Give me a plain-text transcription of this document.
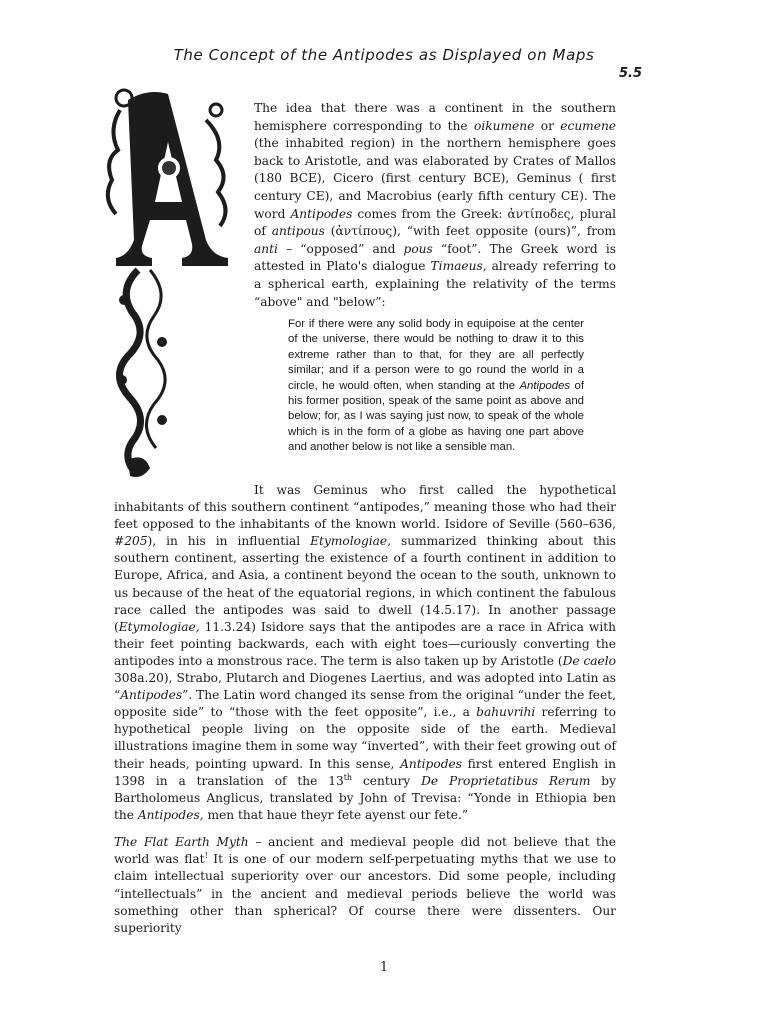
The Concept of the Antipodes as Displayed on Maps
5.5
The idea that there was a continent in the southern hemisphere corresponding to the oikumene or ecumene (the inhabited region) in the northern hemisphere goes back to Aristotle, and was elaborated by Crates of Mallos (180 BCE), Cicero (first century BCE), Geminus ( first century CE), and Macrobius (early fifth century CE). The word Antipodes comes from the Greek: ἀντίποδες, plural of antipous (ἀντίπους), “with feet opposite (ours)”, from anti – “opposed” and pous “foot”. The Greek word is attested in Plato's dialogue Timaeus, already referring to a spherical earth, explaining the relativity of the terms “above" and "below”:
For if there were any solid body in equipoise at the center of the universe, there would be nothing to draw it to this extreme rather than to that, for they are all perfectly similar; and if a person were to go round the world in a circle, he would often, when standing at the Antipodes of his former position, speak of the same point as above and below; for, as I was saying just now, to speak of the whole which is in the form of a globe as having one part above and another below is not like a sensible man.
It was Geminus who first called the hypothetical inhabitants of this southern continent “antipodes,” meaning those who had their feet opposed to the inhabitants of the known world. Isidore of Seville (560–636, #205), in his in influential Etymologiae, summarized thinking about this southern continent, asserting the existence of a fourth continent in addition to Europe, Africa, and Asia, a continent beyond the ocean to the south, unknown to us because of the heat of the equatorial regions, in which continent the fabulous race called the antipodes was said to dwell (14.5.17). In another passage (Etymologiae, 11.3.24) Isidore says that the antipodes are a race in Africa with their feet pointing backwards, each with eight toes—curiously converting the antipodes into a monstrous race. The term is also taken up by Aristotle (De caelo 308a.20), Strabo, Plutarch and Diogenes Laertius, and was adopted into Latin as “Antipodes”. The Latin word changed its sense from the original “under the feet, opposite side” to “those with the feet opposite”, i.e., a bahuvrihi referring to hypothetical people living on the opposite side of the earth. Medieval illustrations imagine them in some way “inverted”, with their feet growing out of their heads, pointing upward. In this sense, Antipodes first entered English in 1398 in a translation of the 13th century De Proprietatibus Rerum by Bartholomeus Anglicus, translated by John of Trevisa: “Yonde in Ethiopia ben the Antipodes, men that haue theyr fete ayenst our fete.”
The Flat Earth Myth – ancient and medieval people did not believe that the world was flat! It is one of our modern self-perpetuating myths that we use to claim intellectual superiority over our ancestors. Did some people, including “intellectuals” in the ancient and medieval periods believe the world was something other than spherical? Of course there were dissenters. Our superiority
1
